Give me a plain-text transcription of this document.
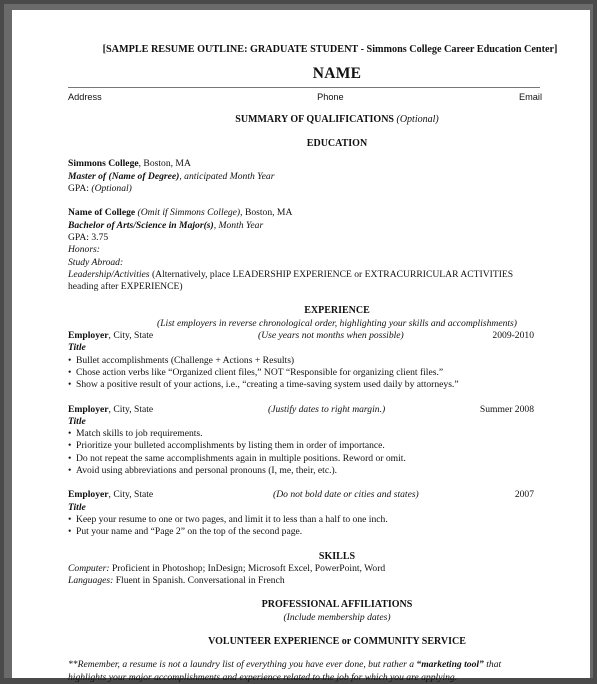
[SAMPLE RESUME OUTLINE: GRADUATE STUDENT - Simmons College Career Education Center]
NAME
Address	Phone	Email
SUMMARY OF QUALIFICATIONS (Optional)
EDUCATION
Simmons College, Boston, MA
Master of (Name of Degree), anticipated Month Year
GPA: (Optional)
Name of College (Omit if Simmons College), Boston, MA
Bachelor of Arts/Science in Major(s), Month Year
GPA: 3.75
Honors:
Study Abroad:
Leadership/Activities (Alternatively, place LEADERSHIP EXPERIENCE or EXTRACURRICULAR ACTIVITIES heading after EXPERIENCE)
EXPERIENCE
(List employers in reverse chronological order, highlighting your skills and accomplishments)
Employer, City, State	(Use years not months when possible)	2009-2010
Title
• Bullet accomplishments (Challenge + Actions + Results)
• Chose action verbs like “Organized client files,” NOT “Responsible for organizing client files.”
• Show a positive result of your actions, i.e., “creating a time-saving system used daily by attorneys.”
Employer, City, State	(Justify dates to right margin.)	Summer 2008
Title
• Match skills to job requirements.
• Prioritize your bulleted accomplishments by listing them in order of importance.
• Do not repeat the same accomplishments again in multiple positions. Reword or omit.
• Avoid using abbreviations and personal pronouns (I, me, their, etc.).
Employer, City, State	(Do not bold date or cities and states)	2007
Title
• Keep your resume to one or two pages, and limit it to less than a half to one inch.
• Put your name and “Page 2” on the top of the second page.
SKILLS
Computer: Proficient in Photoshop; InDesign; Microsoft Excel, PowerPoint, Word
Languages: Fluent in Spanish. Conversational in French
PROFESSIONAL AFFILIATIONS
(Include membership dates)
VOLUNTEER EXPERIENCE or COMMUNITY SERVICE
**Remember, a resume is not a laundry list of everything you have ever done, but rather a “marketing tool” that highlights your major accomplishments and experience related to the job for which you are applying.
